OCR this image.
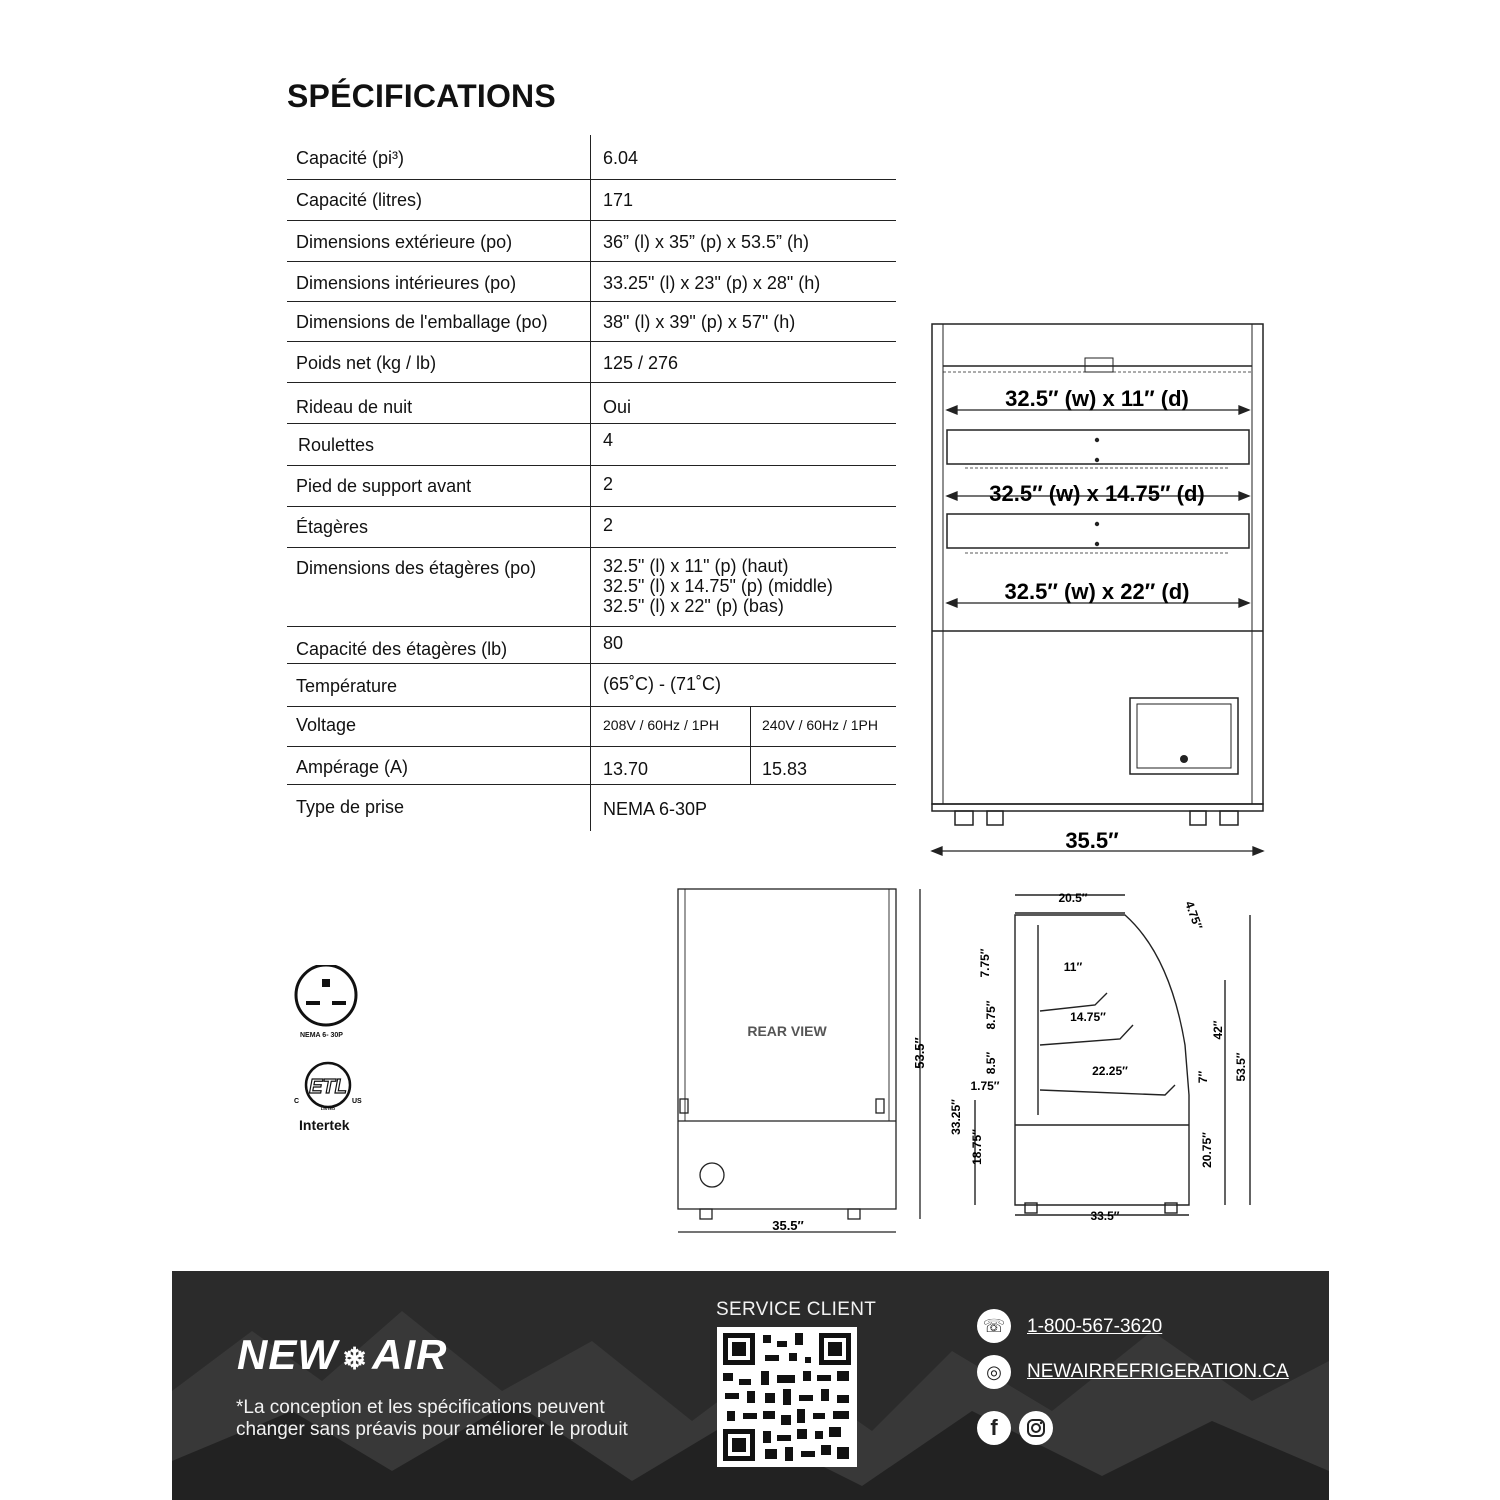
SPÉCIFICATIONS
Capacité (pi³)	6.04
Capacité (litres)	171
Dimensions extérieure (po)	36” (l) x 35” (p) x 53.5” (h)
Dimensions intérieures (po)	33.25" (l) x 23" (p) x 28" (h)
Dimensions de l'emballage (po)	38" (l) x 39" (p) x 57" (h)
Poids net (kg / lb)	125 / 276
Rideau de nuit	Oui
Roulettes	4
Pied de support avant	2
Étagères	2
Dimensions des étagères (po)	32.5" (l) x 11" (p) (haut)
32.5" (l) x 14.75" (p) (middle)
32.5" (l) x 22" (p) (bas)
Capacité des étagères (lb)	80
Température	(65˚C) - (71˚C)
Voltage	208V / 60Hz / 1PH	240V / 60Hz / 1PH
Ampérage (A)	13.70	15.83
Type de prise	NEMA 6-30P
32.5″ (w) x 11″ (d)
32.5″ (w) x 14.75″ (d)
32.5″ (w) x 22″ (d)
35.5″
REAR VIEW
53.5″
35.5″
20.5″
4.75″
7.75″	11″
8.75″	14.75″
8.5″	22.25″
1.75″
33.25″
18.75″
42″
7″
20.75″
53.5″
33.5″
NEMA 6- 30P
ETL
C	US
LISTED
Intertek
NEW ❄AIR
*La conception et les spécifications peuvent changer sans préavis pour améliorer le produit
SERVICE CLIENT
☏	1-800-567-3620
◎	NEWAIRREFRIGERATION.CA
f
